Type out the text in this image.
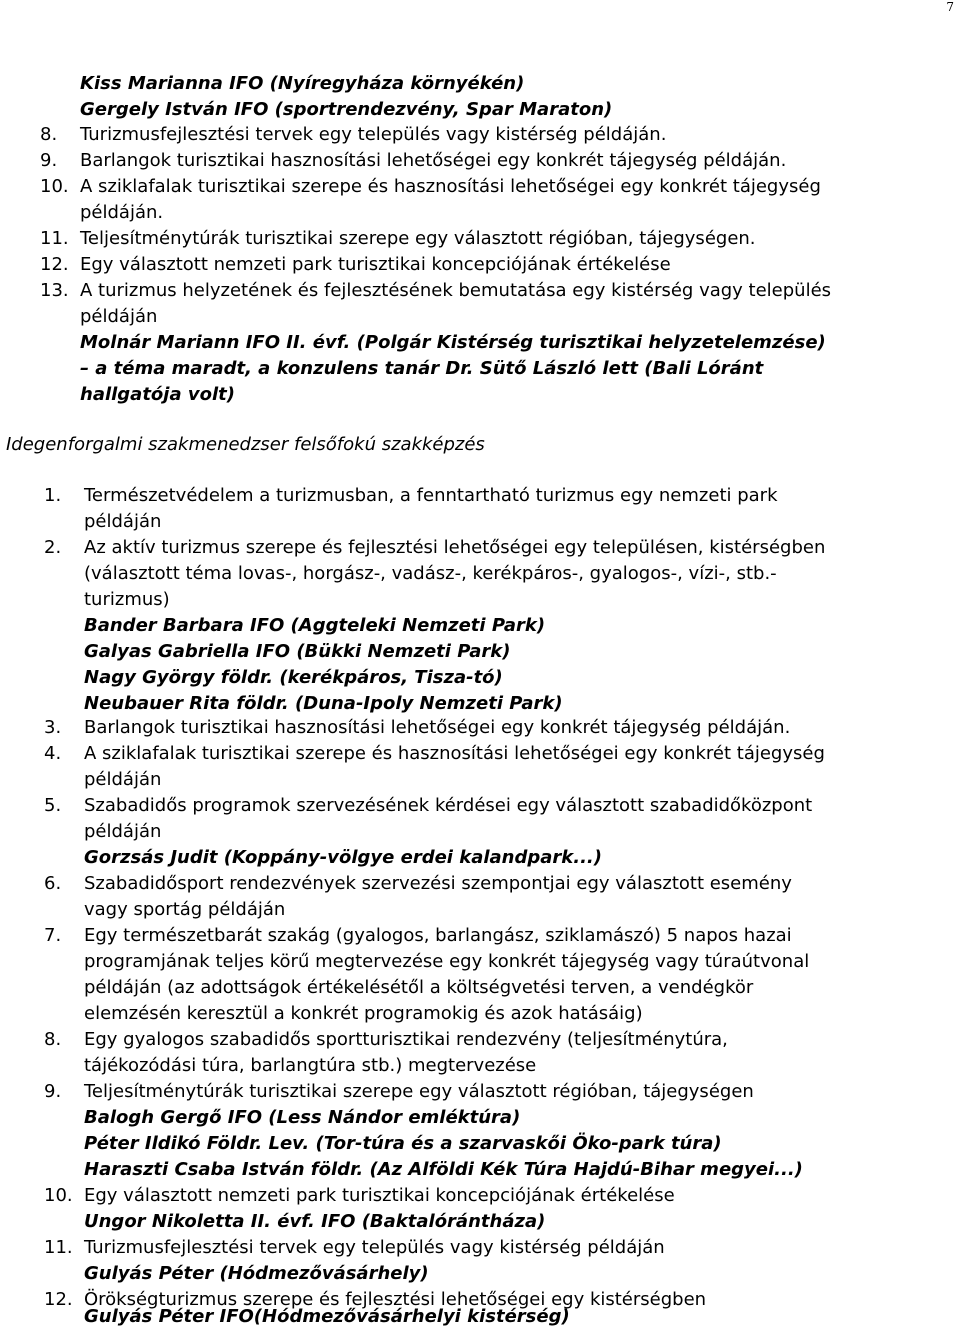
7
Kiss Marianna IFO (Nyíregyháza környékén)
Gergely István IFO (sportrendezvény, Spar Maraton)
8. Turizmusfejlesztési tervek egy település vagy kistérség példáján.
9. Barlangok turisztikai hasznosítási lehetőségei egy konkrét tájegység példáján.
10. A sziklafalak turisztikai szerepe és hasznosítási lehetőségei egy konkrét tájegység
példáján.
11. Teljesítménytúrák turisztikai szerepe egy választott régióban, tájegységen.
12. Egy választott nemzeti park turisztikai koncepciójának értékelése
13. A turizmus helyzetének és fejlesztésének bemutatása egy kistérség vagy település
példáján
Molnár Mariann IFO II. évf. (Polgár Kistérség turisztikai helyzetelemzése)
– a téma maradt, a konzulens tanár Dr. Sütő László lett (Bali Lóránt
hallgatója volt)
Idegenforgalmi szakmenedzser felsőfokú szakképzés
1. Természetvédelem a turizmusban, a fenntartható turizmus egy nemzeti park
példáján
2. Az aktív turizmus szerepe és fejlesztési lehetőségei egy településen, kistérségben
(választott téma lovas-, horgász-, vadász-, kerékpáros-, gyalogos-, vízi-, stb.-
turizmus)
Bander Barbara IFO (Aggteleki Nemzeti Park)
Galyas Gabriella IFO (Bükki Nemzeti Park)
Nagy György földr. (kerékpáros, Tisza-tó)
Neubauer Rita földr. (Duna-Ipoly Nemzeti Park)
3. Barlangok turisztikai hasznosítási lehetőségei egy konkrét tájegység példáján.
4. A sziklafalak turisztikai szerepe és hasznosítási lehetőségei egy konkrét tájegység
példáján
5. Szabadidős programok szervezésének kérdései egy választott szabadidőközpont
példáján
Gorzsás Judit (Koppány-völgye erdei kalandpark...)
6. Szabadidősport rendezvények szervezési szempontjai egy választott esemény
vagy sportág példáján
7. Egy természetbarát szakág (gyalogos, barlangász, sziklamászó) 5 napos hazai
programjának teljes körű megtervezése egy konkrét tájegység vagy túraútvonal
példáján (az adottságok értékelésétől a költségvetési terven, a vendégkör
elemzésén keresztül a konkrét programokig és azok hatásáig)
8. Egy gyalogos szabadidős sportturisztikai rendezvény (teljesítménytúra,
tájékozódási túra, barlangtúra stb.) megtervezése
9. Teljesítménytúrák turisztikai szerepe egy választott régióban, tájegységen
Balogh Gergő IFO (Less Nándor emléktúra)
Péter Ildikó Földr. Lev. (Tor-túra és a szarvaskői Öko-park túra)
Haraszti Csaba István földr. (Az Alföldi Kék Túra Hajdú-Bihar megyei...)
10. Egy választott nemzeti park turisztikai koncepciójának értékelése
Ungor Nikoletta II. évf. IFO (Baktalórántháza)
11. Turizmusfejlesztési tervek egy település vagy kistérség példáján
Gulyás Péter (Hódmezővásárhely)
12. Örökségturizmus szerepe és fejlesztési lehetőségei egy kistérségben
Gulyás Péter IFO(Hódmezővásárhelyi kistérség)
